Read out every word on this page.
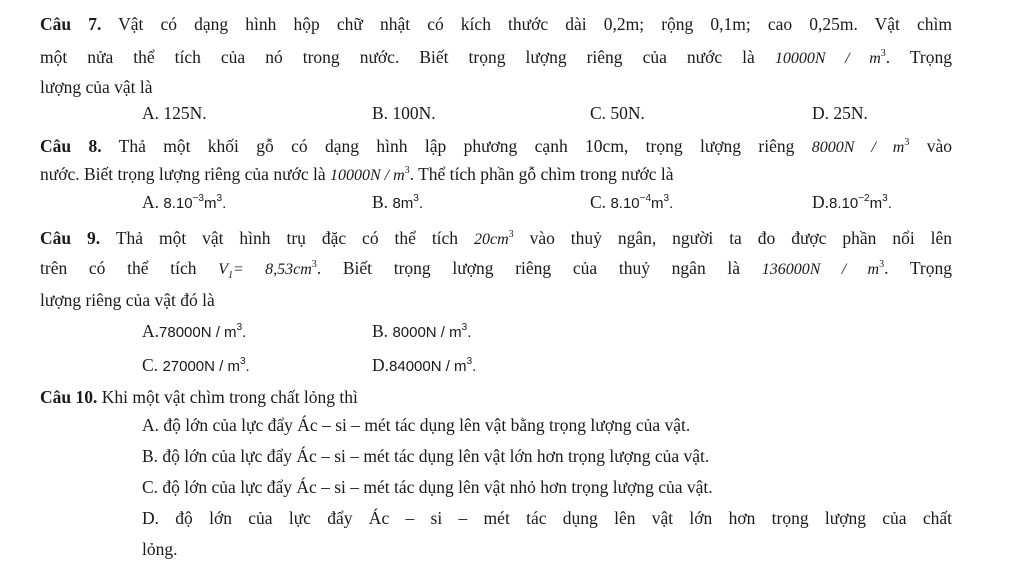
Câu 7. Vật có dạng hình hộp chữ nhật có kích thước dài 0,2m; rộng 0,1m; cao 0,25m. Vật chìm
một nửa thể tích của nó trong nước. Biết trọng lượng riêng của nước là $10000N / m^3$. Trọng
lượng của vật là
A. 125N.	B. 100N.	C. 50N.	D. 25N.
Câu 8. Thả một khối gỗ có dạng hình lập phương cạnh 10cm, trọng lượng riêng $8000N / m^3$ vào
nước. Biết trọng lượng riêng của nước là $10000N / m^3$. Thể tích phần gỗ chìm trong nước là
A. $8.10^{-3}m^3$.	B. $8m^3$.	C. $8.10^{-4}m^3$.	$D.8.10^{-2}m^3$.
Câu 9. Thả một vật hình trụ đặc có thể tích $20cm^3$ vào thuỷ ngân, người ta đo được phần nổi lên
trên có thể tích $V_1= 8,53cm^3$. Biết trọng lượng riêng của thuỷ ngân là $136000N / m^3$. Trọng
lượng riêng của vật đó là
$A.78000N / m^3$.	B. $8000N / m^3$.
C. $27000N / m^3$.	$D.84000N / m^3$.
Câu 10. Khi một vật chìm trong chất lỏng thì
A. độ lớn của lực đẩy Ác – si – mét tác dụng lên vật bằng trọng lượng của vật.
B. độ lớn của lực đẩy Ác – si – mét tác dụng lên vật lớn hơn trọng lượng của vật.
C. độ lớn của lực đẩy Ác – si – mét tác dụng lên vật nhỏ hơn trọng lượng của vật.
D. độ lớn của lực đẩy Ác – si – mét tác dụng lên vật lớn hơn trọng lượng của chất
lỏng.
